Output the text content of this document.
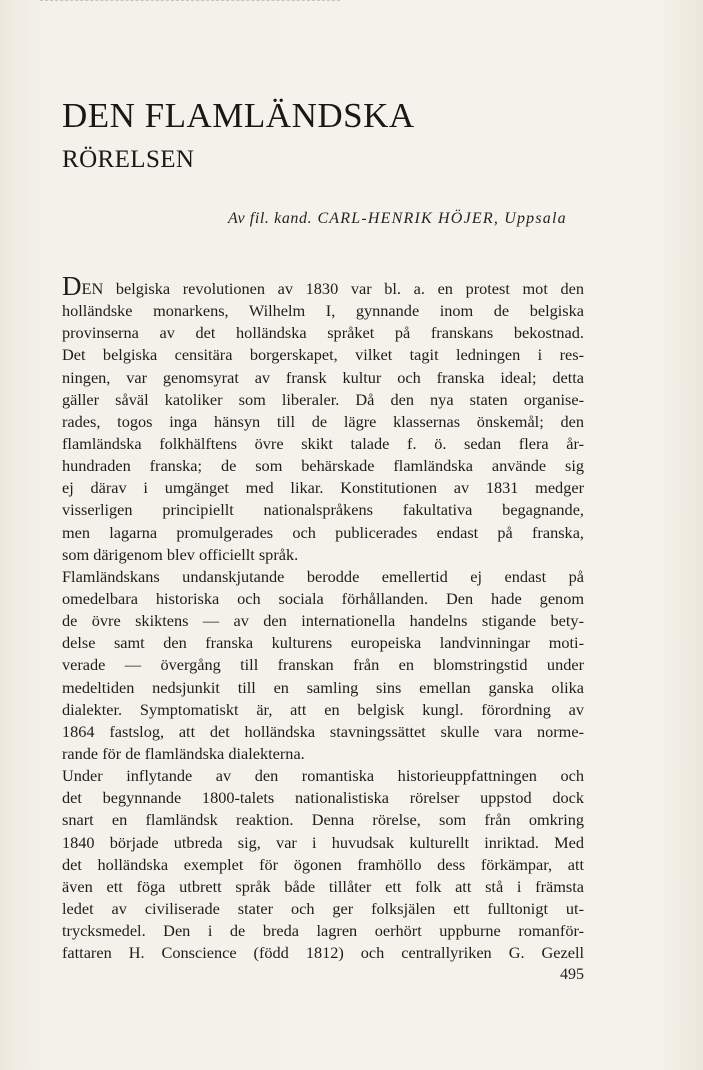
DEN FLAMLÄNDSKA
RÖRELSEN
Av fil. kand. CARL-HENRIK HÖJER, Uppsala
DEN belgiska revolutionen av 1830 var bl. a. en protest mot den
holländske monarkens, Wilhelm I, gynnande inom de belgiska
provinserna av det holländska språket på franskans bekostnad.
Det belgiska censitära borgerskapet, vilket tagit ledningen i res-
ningen, var genomsyrat av fransk kultur och franska ideal; detta
gäller såväl katoliker som liberaler. Då den nya staten organise-
rades, togos inga hänsyn till de lägre klassernas önskemål; den
flamländska folkhälftens övre skikt talade f. ö. sedan flera år-
hundraden franska; de som behärskade flamländska använde sig
ej därav i umgänget med likar. Konstitutionen av 1831 medger
visserligen principiellt nationalspråkens fakultativa begagnande,
men lagarna promulgerades och publicerades endast på franska,
som därigenom blev officiellt språk.
Flamländskans undanskjutande berodde emellertid ej endast på
omedelbara historiska och sociala förhållanden. Den hade genom
de övre skiktens — av den internationella handelns stigande bety-
delse samt den franska kulturens europeiska landvinningar moti-
verade — övergång till franskan från en blomstringstid under
medeltiden nedsjunkit till en samling sins emellan ganska olika
dialekter. Symptomatiskt är, att en belgisk kungl. förordning av
1864 fastslog, att det holländska stavningssättet skulle vara norme-
rande för de flamländska dialekterna.
Under inflytande av den romantiska historieuppfattningen och
det begynnande 1800-talets nationalistiska rörelser uppstod dock
snart en flamländsk reaktion. Denna rörelse, som från omkring
1840 började utbreda sig, var i huvudsak kulturellt inriktad. Med
det holländska exemplet för ögonen framhöllo dess förkämpar, att
även ett föga utbrett språk både tillåter ett folk att stå i främsta
ledet av civiliserade stater och ger folksjälen ett fulltonigt ut-
trycksmedel. Den i de breda lagren oerhört uppburne romanför-
fattaren H. Conscience (född 1812) och centrallyriken G. Gezell
495
